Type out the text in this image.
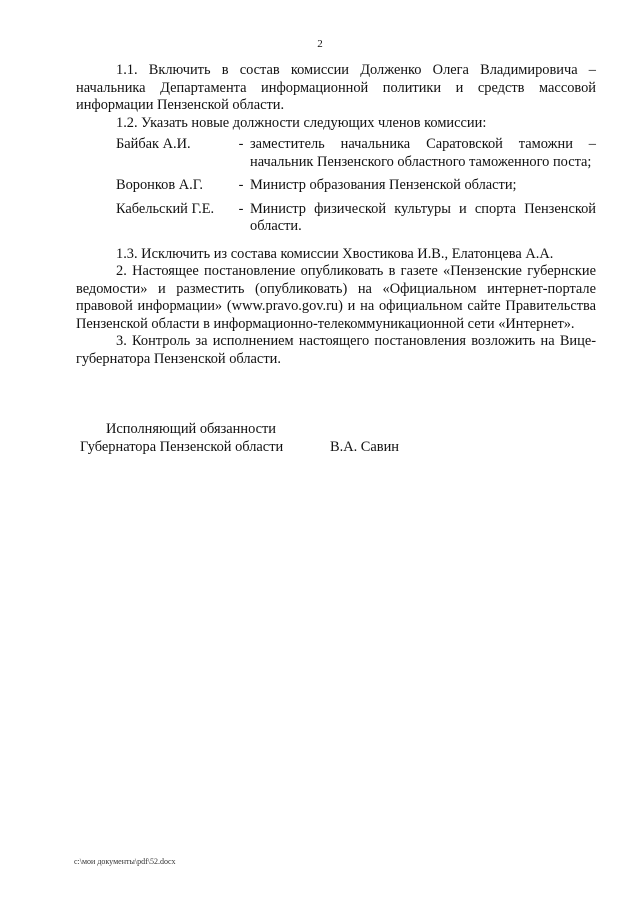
2

1.1. Включить в состав комиссии Долженко Олега Владимировича – начальника Департамента информационной политики и средств массовой информации Пензенской области.

1.2. Указать новые должности следующих членов комиссии:

Байбак А.И.	-	заместитель начальника Саратовской таможни – начальник Пензенского областного таможенного поста;
Воронков А.Г.	-	Министр образования Пензенской области;
Кабельский Г.Е.	-	Министр физической культуры и спорта Пензенской области.

1.3. Исключить из состава комиссии Хвостикова И.В., Елатонцева А.А.

2. Настоящее постановление опубликовать в газете «Пензенские губернские ведомости» и разместить (опубликовать) на «Официальном интернет-портале правовой информации» (www.pravo.gov.ru) и на официальном сайте Правительства Пензенской области в информационно-телекоммуникационной сети «Интернет».

3. Контроль за исполнением настоящего постановления возложить на Вице-губернатора Пензенской области.

Исполняющий обязанности
Губернатора Пензенской области	В.А. Савин
c:\мои документы\pdf\52.docx
